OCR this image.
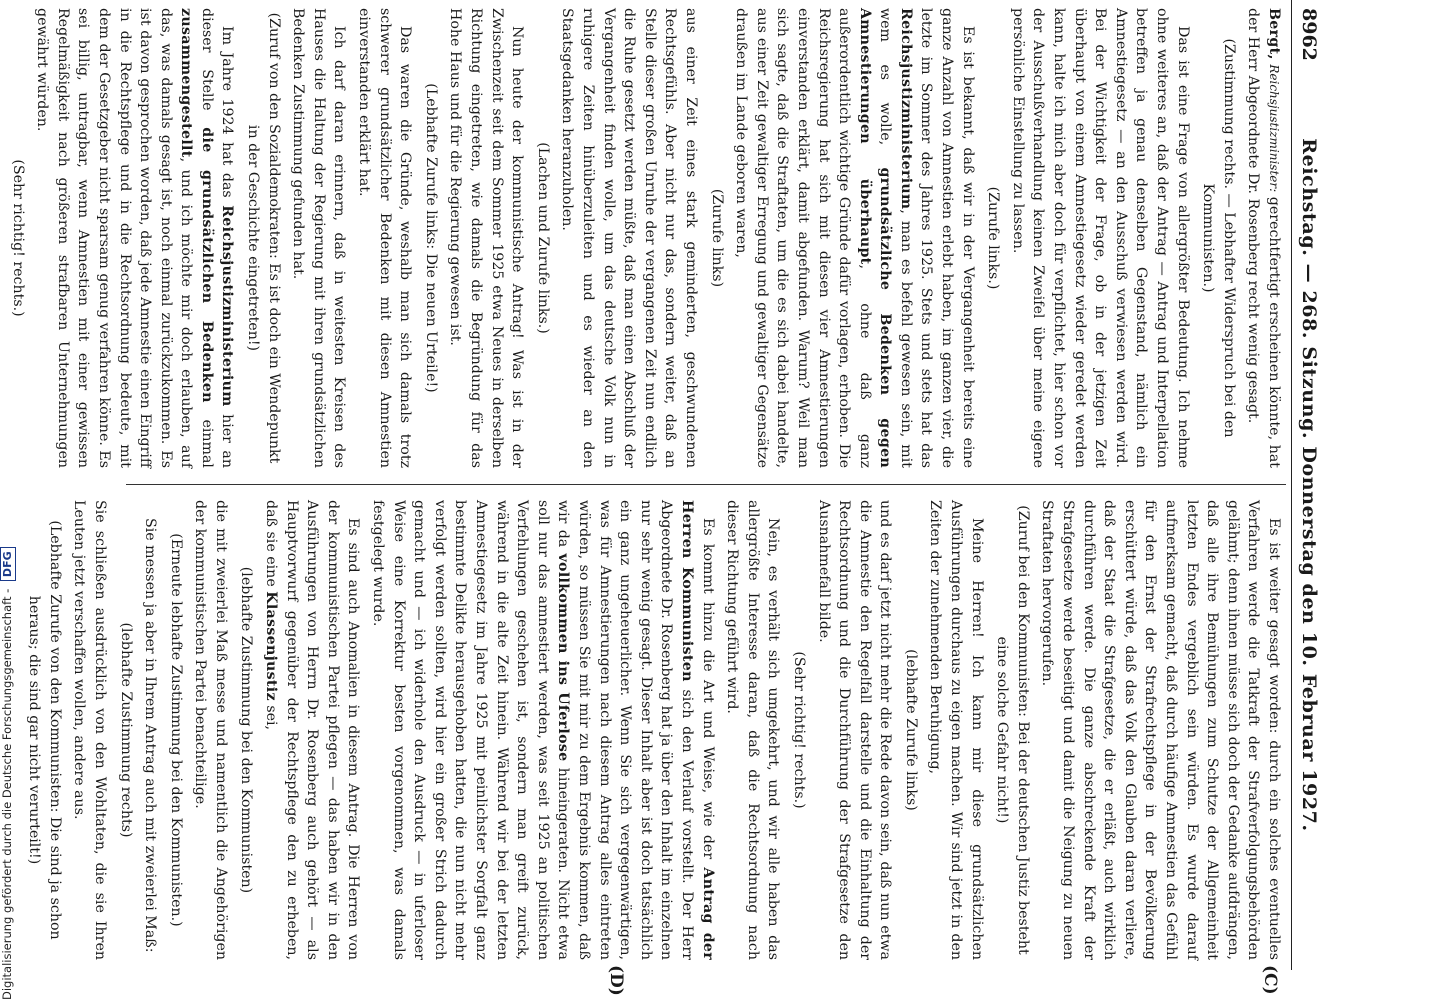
8962
Reichstag. — 268. Sitzung. Donnerstag den 10. Februar 1927.
(C)
(D)

Bergt, Reichsjustizminister: gerechtfertigt erscheinen könnte, hat der Herr Abgeordnete Dr. Rosenberg recht wenig gesagt.

(Zustimmung rechts. — Lebhafter Widerspruch bei den Kommunisten.)

Das ist eine Frage von allergrößter Bedeutung. Ich nehme ohne weiteres an, daß der Antrag — Antrag und Interpellation betreffen ja genau denselben Gegenstand, nämlich ein Amnestiegesetz — an den Ausschuß verwiesen werden wird. Bei der Wichtigkeit der Frage, ob in der jetzigen Zeit überhaupt von einem Amnestiegesetz wieder geredet werden kann, halte ich mich aber doch für verpflichtet, hier schon vor der Ausschußverhandlung keinen Zweifel über meine eigene persönliche Einstellung zu lassen.

(Zurufe links.)

Es ist bekannt, daß wir in der Vergangenheit bereits eine ganze Anzahl von Amnestien erlebt haben, im ganzen vier, die letzte im Sommer des Jahres 1925. Stets und stets hat das Reichsjustizministerium, man es befehl gewesen sein, mit wem es wolle, grundsätzliche Bedenken gegen Amnestierungen überhaupt, ohne daß ganz außerordentlich wichtige Gründe dafür vorlagen, erhoben. Die Reichsregierung hat sich mit diesen vier Amnestierungen einverstanden erklärt, damit abgefunden. Warum? Weil man sich sagte, daß die Straftaten, um die es sich dabei handelte, aus einer Zeit gewaltiger Erregung und gewaltiger Gegensätze draußen im Lande geboren waren,

(Zurufe links)

aus einer Zeit eines stark geminderten, geschwundenen Rechtsgefühls. Aber nicht nur das, sondern weiter, daß an Stelle dieser großen Unruhe der vergangenen Zeit nun endlich die Ruhe gesetzt werden müßte, daß man einen Abschluß der Vergangenheit finden wolle, um das deutsche Volk nun in ruhigere Zeiten hinüberzuleiten und es wieder an den Staatsgedanken heranzuholen.

(Lachen und Zurufe links.)

Nun heute der kommunistische Antrag! Was ist in der Zwischenzeit seit dem Sommer 1925 etwa Neues in derselben Richtung eingetreten, wie damals die Begründung für das Hohe Haus und für die Regierung gewesen ist.

(Lebhafte Zurufe links: Die neuen Urteile!)

Das waren die Gründe, weshalb man sich damals trotz schwerer grundsätzlicher Bedenken mit diesen Amnestien einverstanden erklärt hat.

Ich darf daran erinnern, daß in weitesten Kreisen des Hauses die Haltung der Regierung mit ihren grundsätzlichen Bedenken Zustimmung gefunden hat.

(Zuruf von den Sozialdemokraten: Es ist doch ein Wendepunkt in der Geschichte eingetreten!)

Im Jahre 1924 hat das Reichsjustizministerium hier an dieser Stelle die grundsätzlichen Bedenken einmal zusammengestellt, und ich möchte mir doch erlauben, auf das, was damals gesagt ist, noch einmal zurückzukommen. Es ist davon gesprochen worden, daß jede Amnestie einen Eingriff in die Rechtspflege und in die Rechtsordnung bedeute, mit dem der Gesetzgeber nicht sparsam genug verfahren könne. Es sei billig, untragbar, wenn Amnestien mit einer gewissen Regelmäßigkeit nach größeren strafbaren Unternehmungen gewährt würden.

(Sehr richtig! rechts.)

Es ist weiter gesagt worden: durch ein solches eventuelles Verfahren werde die Tatkraft der Strafverfolgungsbehörden gelähmt; denn ihnen müsse sich doch der Gedanke aufdrängen, daß alle ihre Bemühungen zum Schutze der Allgemeinheit letzten Endes vergeblich sein würden. Es wurde darauf aufmerksam gemacht, daß durch häufige Amnestien das Gefühl für den Ernst der Strafrechtspflege in der Bevölkerung erschüttert würde, daß das Volk den Glauben daran verliere, daß der Staat die Strafgesetze, die er erläßt, auch wirklich durchführen werde. Die ganze abschreckende Kraft der Strafgesetze werde beseitigt und damit die Neigung zu neuen Straftaten hervorgerufen.

(Zuruf bei den Kommunisten: Bei der deutschen Justiz besteht eine solche Gefahr nicht!)

Meine Herren! Ich kann mir diese grundsätzlichen Ausführungen durchaus zu eigen machen. Wir sind jetzt in den Zeiten der zunehmenden Beruhigung,

(lebhafte Zurufe links)

und es darf jetzt nicht mehr die Rede davon sein, daß nun etwa die Amnestie den Regelfall darstelle und die Einhaltung der Rechtsordnung und die Durchführung der Strafgesetze den Ausnahmefall bilde.

(Sehr richtig! rechts.)

Nein, es verhält sich umgekehrt, und wir alle haben das allergrößte Interesse daran, daß die Rechtsordnung nach dieser Richtung geführt wird.

Es kommt hinzu die Art und Weise, wie der Antrag der Herren Kommunisten sich den Verlauf vorstellt. Der Herr Abgeordnete Dr. Rosenberg hat ja über den Inhalt im einzelnen nur sehr wenig gesagt. Dieser Inhalt aber ist doch tatsächlich ein ganz ungeheuerlicher. Wenn Sie sich vergegenwärtigen, was für Amnestierungen nach diesem Antrag alles eintreten würden, so müssen Sie mit mir zu dem Ergebnis kommen, daß wir da vollkommen ins Uferlose hineingeraten. Nicht etwa soll nur das amnestiert werden, was seit 1925 an politischen Verfehlungen geschehen ist, sondern man greift zurück, während in die alte Zeit hinein. Während wir bei der letzten Amnestiegesetz im Jahre 1925 mit peinlichster Sorgfalt ganz bestimmte Delikte herausgehoben hatten, die nun nicht mehr verfolgt werden sollten, wird hier ein großer Strich dadurch gemacht und — ich widerhole den Ausdruck — in uferloser Weise eine Korrektur besten vorgenommen, was damals festgelegt wurde.

Es sind auch Anomalien in diesem Antrag. Die Herren von der kommunistischen Partei pflegen — das haben wir in den Ausführungen von Herrn Dr. Rosenberg auch gehört — als Hauptvorwurf gegenüber der Rechtspflege den zu erheben, daß sie eine Klassenjustiz sei,

(lebhafte Zustimmung bei den Kommunisten)

die mit zweierlei Maß messe und namentlich die Angehörigen der kommunistischen Partei benachteilige.

(Erneute lebhafte Zustimmung bei den Kommunisten.)

Sie messen ja aber in Ihrem Antrag auch mit zweierlei Maß:

(lebhafte Zustimmung rechts)

Sie schließen ausdrücklich von den Wohltaten, die sie Ihren Leuten jetzt verschaffen wollen, andere aus.

(Lebhafte Zurufe von den Kommunisten: Die sind ja schon heraus; die sind gar nicht verurteilt!)

Digitalisierung gefördert durch die Deutsche Forschungsgemeinschaft - DFG
